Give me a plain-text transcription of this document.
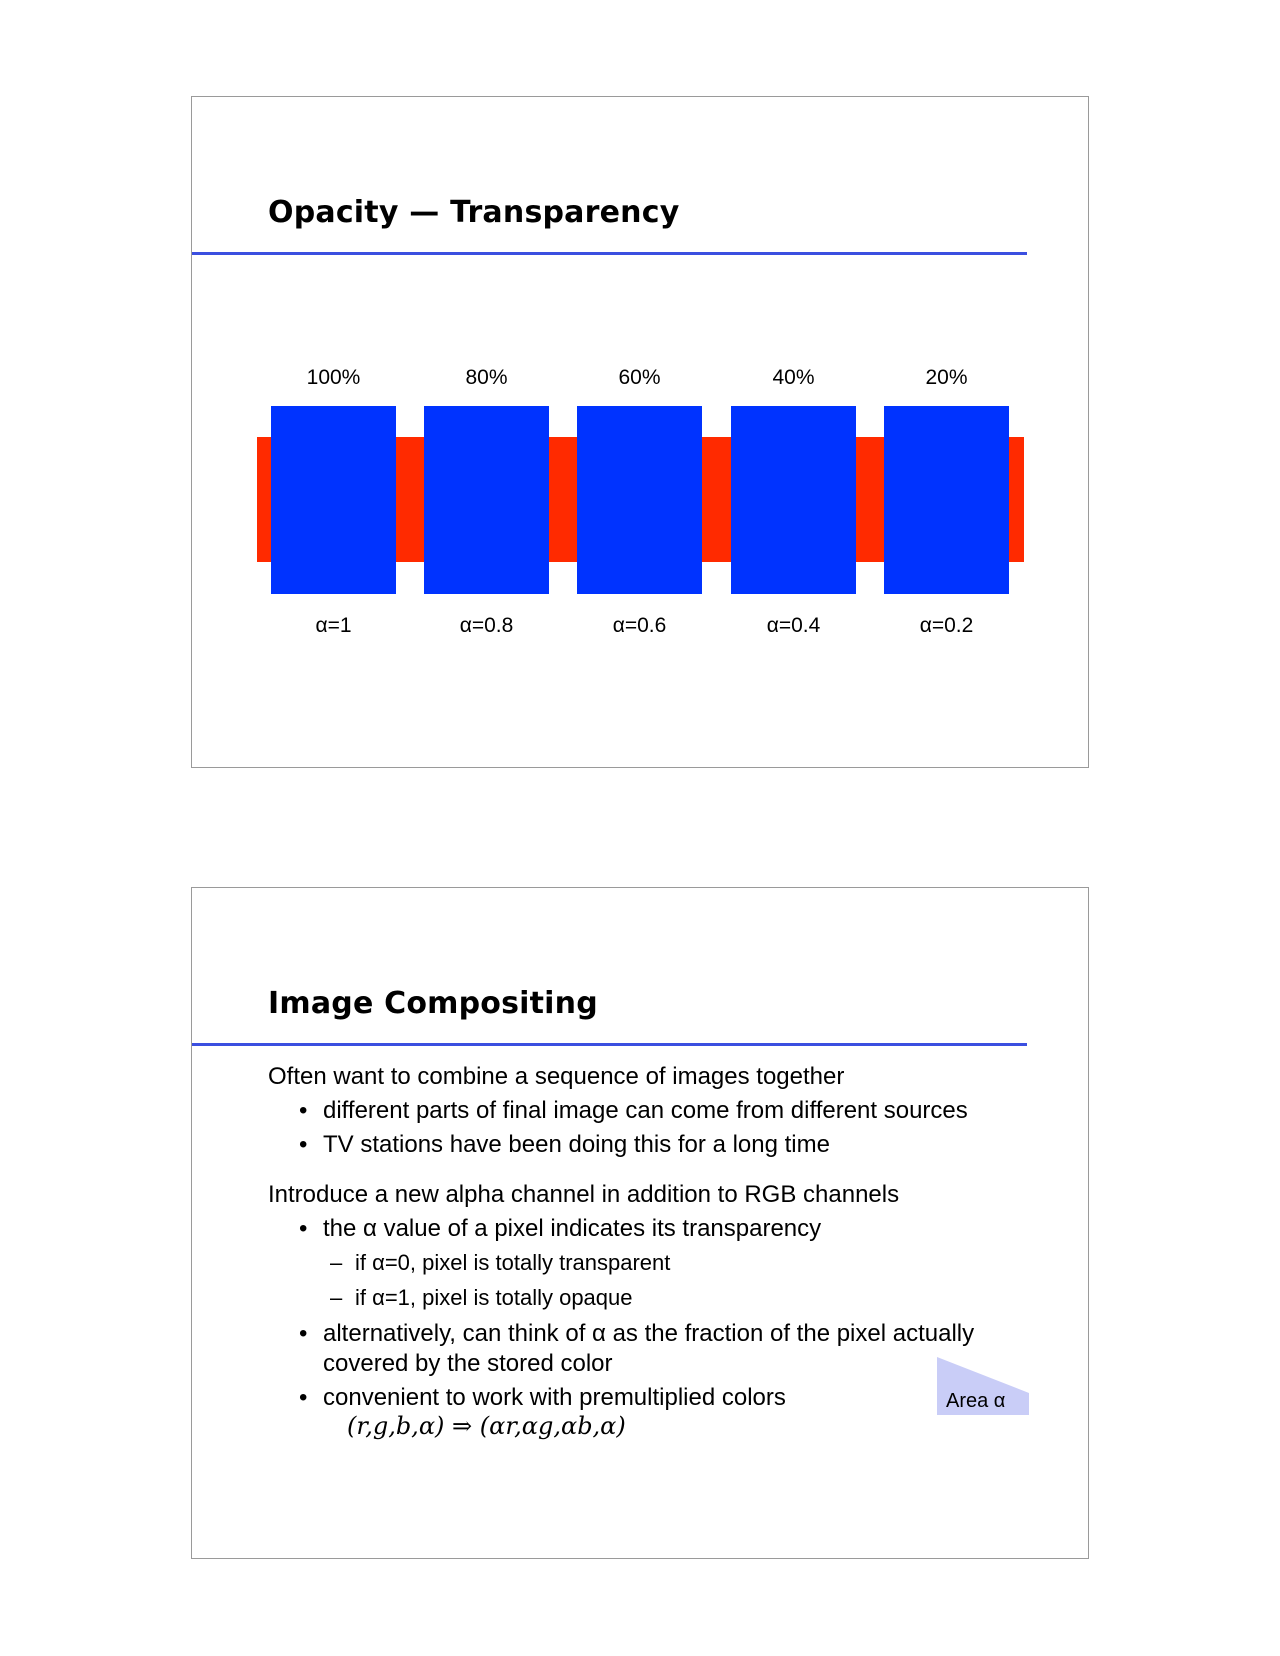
Opacity — Transparency
100%	80%	60%	40%	20%
α=1	α=0.8	α=0.6	α=0.4	α=0.2
Image Compositing
Often want to combine a sequence of images together
• different parts of final image can come from different sources
• TV stations have been doing this for a long time
Introduce a new alpha channel in addition to RGB channels
• the α value of a pixel indicates its transparency
– if α=0, pixel is totally transparent
– if α=1, pixel is totally opaque
• alternatively, can think of α as the fraction of the pixel actually
covered by the stored color
• convenient to work with premultiplied colors
(r,g,b,α) ⇒ (αr,αg,αb,α)
Area α
